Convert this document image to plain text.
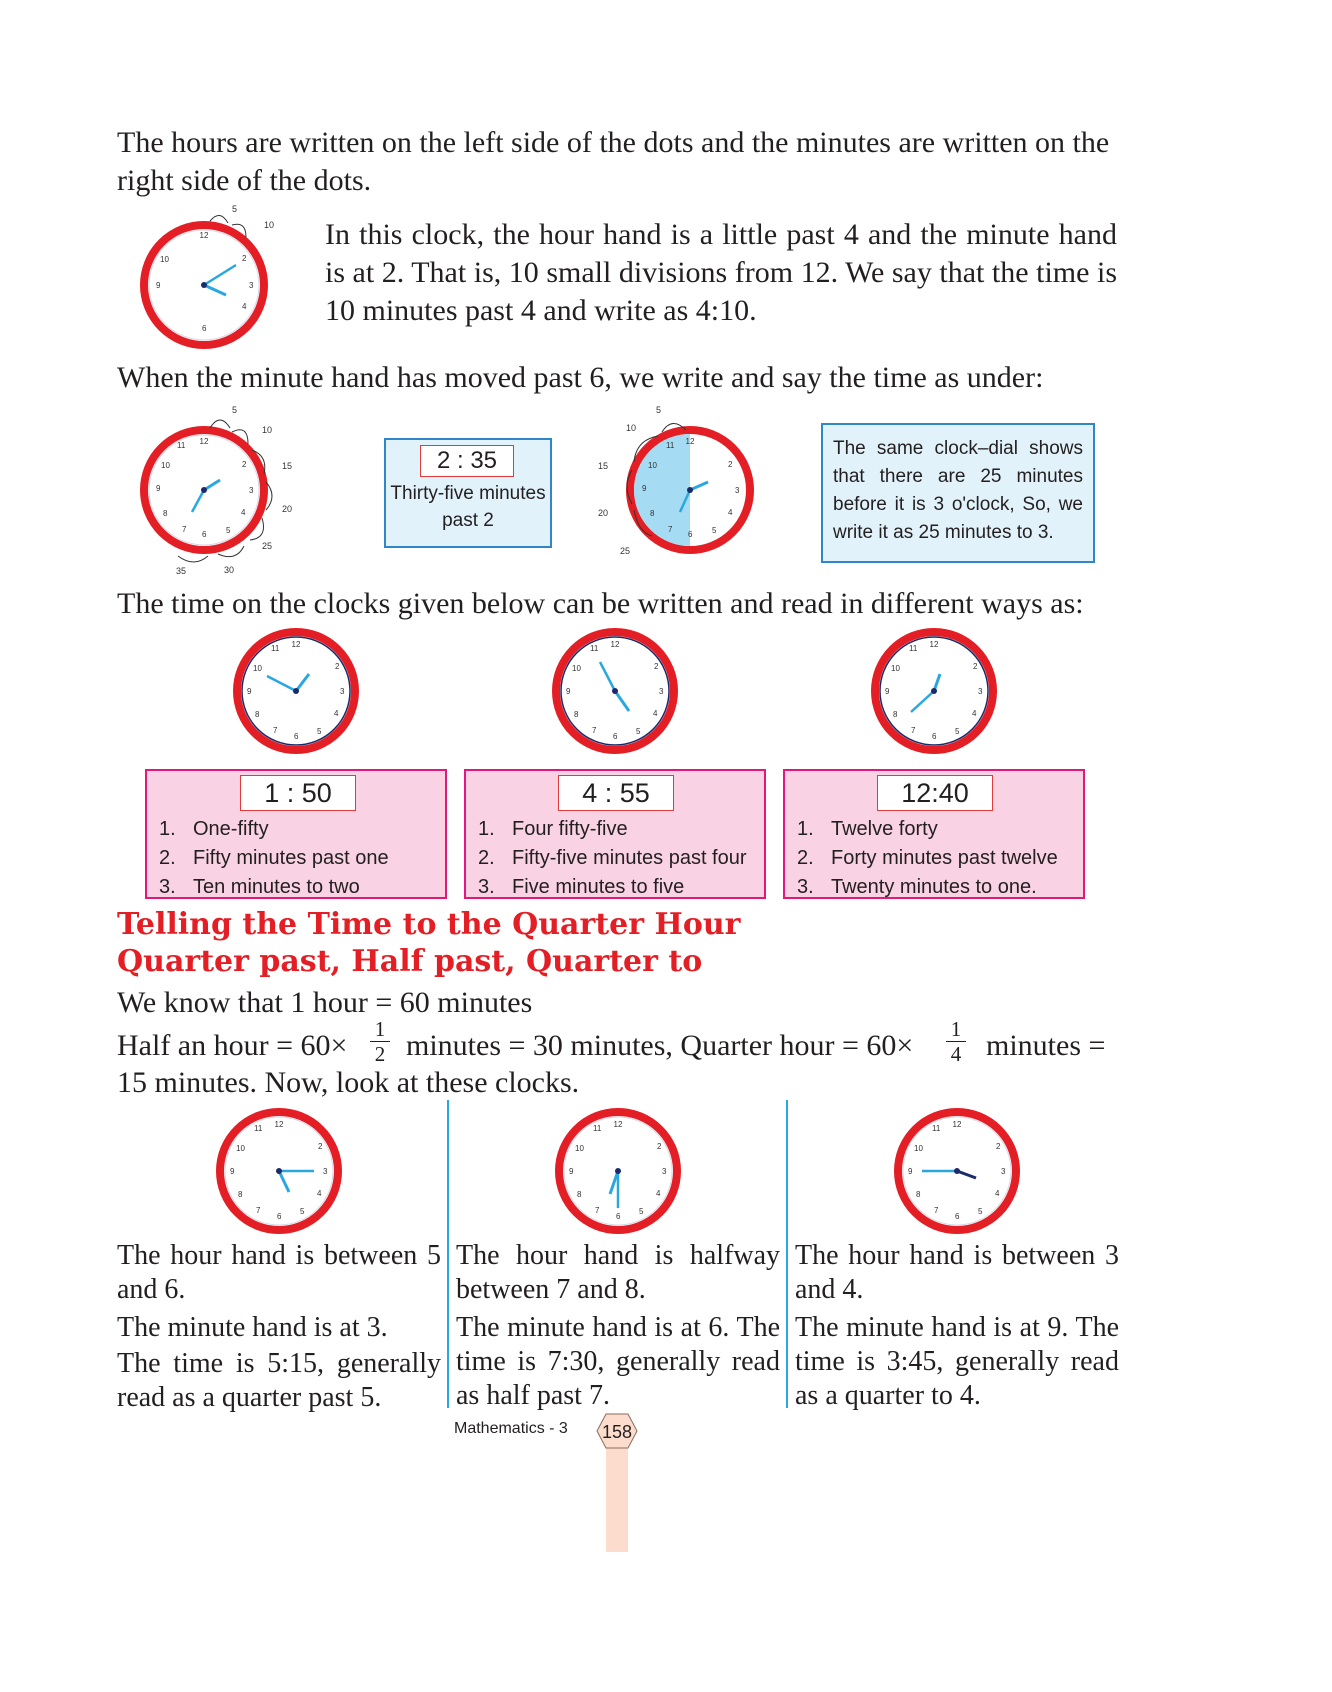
The hours are written on the left side of the dots and the minutes are written on the right side of the dots.
12
2
3
4
6
9
10
5
10 In this clock, the hour hand is a little past 4 and the minute hand is at 2. That is, 10 small divisions from 12. We say that the time is 10 minutes past 4 and write as 4:10.
When the minute hand has moved past 6, we write and say the time as under:
12
11
2
3
4
5
6
7
8
9
10
5
10
15
20
25
30
35
2 : 35
Thirty-five minutes past 2
12
11
2
3
4
5
6
7
8
9
10
5
10
15
20
25
The same clock–dial shows that there are 25 minutes before it is 3 o'clock, So, we write it as 25 minutes to 3.
The time on the clocks given below can be written and read in different ways as:
12
11
2
3
4
5
6
7
8
9
10
12
11
2
3
4
5
6
7
8
9
10
12
11
2
3
4
5
6
7
8
9
10
1 : 50
1. One-fifty
2. Fifty minutes past one
3. Ten minutes to two
4 : 55
1. Four fifty-five
2. Fifty-five minutes past four
3. Five minutes to five
12:40
1. Twelve forty
2. Forty minutes past twelve
3. Twenty minutes to one.
Telling the Time to the Quarter Hour
Quarter past, Half past, Quarter to
We know that 1 hour = 60 minutes
Half an hour = 60× 1
2 minutes = 30 minutes, Quarter hour = 60× 1
4 minutes =
15 minutes. Now, look at these clocks.
12
11
2
3
4
5
6
7
8
9
10
12
11
2
3
4
5
6
7
8
9
10
12
11
2
3
4
5
6
7
8
9
10
The hour hand is between 5 and 6.
The minute hand is at 3.
The time is 5:15, generally read as a quarter past 5.
The hour hand is halfway between 7 and 8.
The minute hand is at 6. The time is 7:30, generally read as half past 7.
The hour hand is between 3 and 4.
The minute hand is at 9. The time is 3:45, generally read as a quarter to 4.
Mathematics - 3 158
